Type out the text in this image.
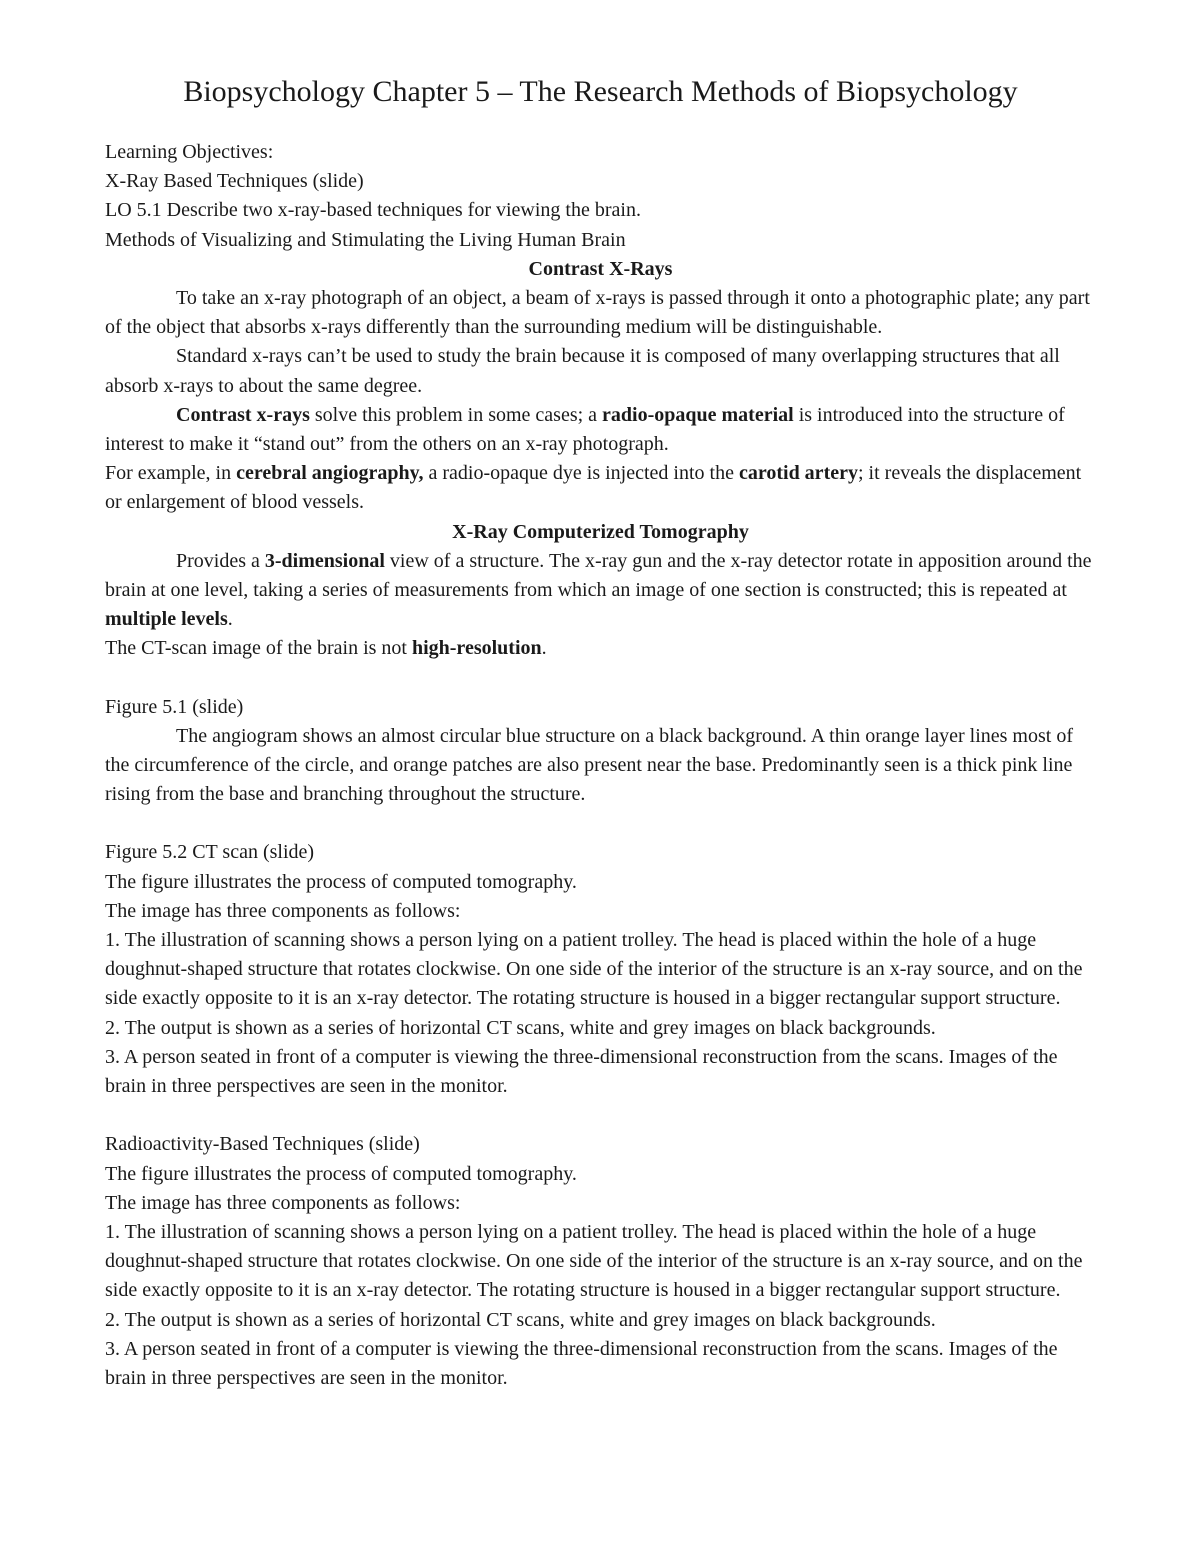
Biopsychology Chapter 5 – The Research Methods of Biopsychology

Learning Objectives:

X-Ray Based Techniques (slide)

LO 5.1 Describe two x-ray-based techniques for viewing the brain.

Methods of Visualizing and Stimulating the Living Human Brain

Contrast X-Rays

To take an x-ray photograph of an object, a beam of x-rays is passed through it onto a photographic plate; any part of the object that absorbs x-rays differently than the surrounding medium will be distinguishable.

Standard x-rays can’t be used to study the brain because it is composed of many overlapping structures that all absorb x-rays to about the same degree.

Contrast x-rays solve this problem in some cases; a radio-opaque material is introduced into the structure of interest to make it “stand out” from the others on an x-ray photograph.

For example, in cerebral angiography, a radio-opaque dye is injected into the carotid artery; it reveals the displacement or enlargement of blood vessels.

X-Ray Computerized Tomography

Provides a 3-dimensional view of a structure. The x-ray gun and the x-ray detector rotate in apposition around the brain at one level, taking a series of measurements from which an image of one section is constructed; this is repeated at multiple levels.

The CT-scan image of the brain is not high-resolution.

Figure 5.1 (slide)

The angiogram shows an almost circular blue structure on a black background. A thin orange layer lines most of the circumference of the circle, and orange patches are also present near the base. Predominantly seen is a thick pink line rising from the base and branching throughout the structure.

Figure 5.2 CT scan (slide)

The figure illustrates the process of computed tomography.

The image has three components as follows:

1. The illustration of scanning shows a person lying on a patient trolley. The head is placed within the hole of a huge doughnut-shaped structure that rotates clockwise. On one side of the interior of the structure is an x-ray source, and on the side exactly opposite to it is an x-ray detector. The rotating structure is housed in a bigger rectangular support structure.

2. The output is shown as a series of horizontal CT scans, white and grey images on black backgrounds.

3. A person seated in front of a computer is viewing the three-dimensional reconstruction from the scans. Images of the brain in three perspectives are seen in the monitor.

Radioactivity-Based Techniques (slide)

The figure illustrates the process of computed tomography.

The image has three components as follows:

1. The illustration of scanning shows a person lying on a patient trolley. The head is placed within the hole of a huge doughnut-shaped structure that rotates clockwise. On one side of the interior of the structure is an x-ray source, and on the side exactly opposite to it is an x-ray detector. The rotating structure is housed in a bigger rectangular support structure.

2. The output is shown as a series of horizontal CT scans, white and grey images on black backgrounds.

3. A person seated in front of a computer is viewing the three-dimensional reconstruction from the scans. Images of the brain in three perspectives are seen in the monitor.
